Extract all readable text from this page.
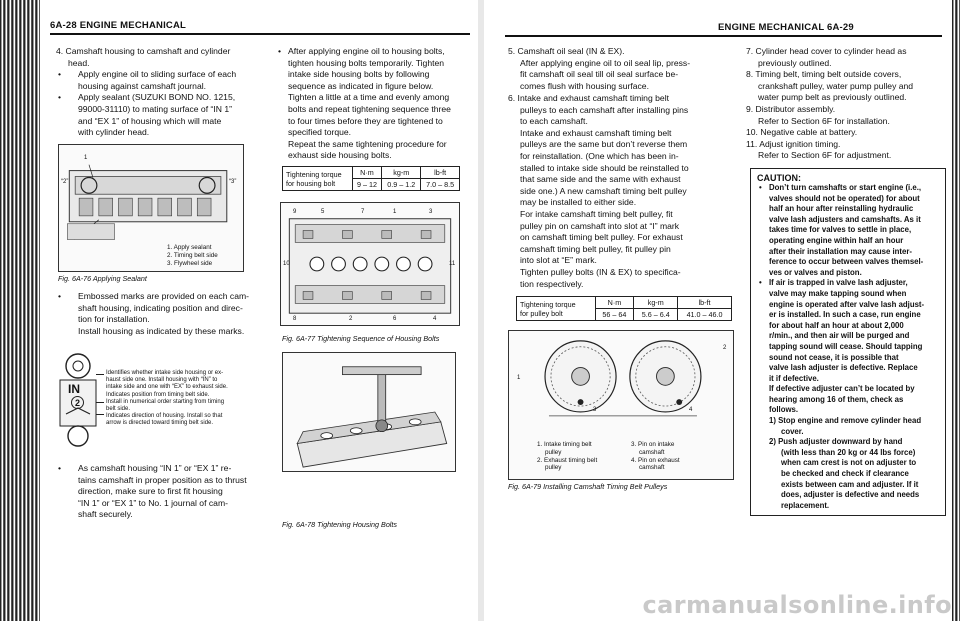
6A-28 ENGINE MECHANICAL	ENGINE MECHANICAL 6A-29

4. Camshaft housing to camshaft and cylinder

head.

• Apply engine oil to sliding surface of each

housing against camshaft journal.

• Apply sealant (SUZUKI BOND NO. 1215,

99000-31110) to mating surface of “IN 1”

and “EX 1” of housing which will mate

with cylinder head.

“2”	“3”
1

1. Apply sealant

2. Timing belt side

3. Flywheel side

Fig. 6A-76 Applying Sealant

• Embossed marks are provided on each cam-

shaft housing, indicating position and direc-

tion for installation.

Install housing as indicated by these marks.

IN
2

Identifies whether intake side housing or ex-

haust side one. Install housing with “IN” to

intake side and one with “EX” to exhaust side.

Indicates position from timing belt side.

Install in numerical order starting from timing

belt side.

Indicates direction of housing. Install so that

arrow is directed toward timing belt side.

• As camshaft housing “IN 1” or “EX 1” re-

tains camshaft in proper position as to thrust

direction, make sure to first fit housing

“IN 1” or “EX 1” to No. 1 journal of cam-

shaft securely.

• After applying engine oil to housing bolts,

tighten housing bolts temporarily. Tighten

intake side housing bolts by following

sequence as indicated in figure below.

Tighten a little at a time and evenly among

bolts and repeat tightening sequence three

to four times before they are tightened to

specified torque.

Repeat the same tightening procedure for

exhaust side housing bolts.

Tightening torque
for housing bolt	N·m	kg-m	lb-ft
	9 – 12	0.9 – 1.2	7.0 – 8.5
9	5	7	1	3
10	11
8	2	6	4
Fig. 6A-77 Tightening Sequence of Housing Bolts
Fig. 6A-78 Tightening Housing Bolts

5. Camshaft oil seal (IN & EX).

After applying engine oil to oil seal lip, press-

fit camshaft oil seal till oil seal surface be-

comes flush with housing surface.

6. Intake and exhaust camshaft timing belt

pulleys to each camshaft after installing pins

to each camshaft.

Intake and exhaust camshaft timing belt

pulleys are the same but don’t reverse them

for reinstallation. (One which has been in-

stalled to intake side should be reinstalled to

that same side and the same with exhaust

side one.) A new camshaft timing belt pulley

may be installed to either side.

For intake camshaft timing belt pulley, fit

pulley pin on camshaft into slot at “I” mark

on camshaft timing belt pulley. For exhaust

camshaft timing belt pulley, fit pulley pin

into slot at “E” mark.

Tighten pulley bolts (IN & EX) to specifica-

tion respectively.

Tightening torque
for pulley bolt	N·m	kg-m	lb-ft
	56 – 64	5.6 – 6.4	41.0 – 46.0
1
2
3	4

1. Intake timing belt

pulley

2. Exhaust timing belt

pulley

3. Pin on intake

camshaft

4. Pin on exhaust

camshaft

Fig. 6A-79 Installing Camshaft Timing Belt Pulleys

7. Cylinder head cover to cylinder head as

previously outlined.

8. Timing belt, timing belt outside covers,

crankshaft pulley, water pump pulley and

water pump belt as previously outlined.

9. Distributor assembly.

Refer to Section 6F for installation.

10. Negative cable at battery.

11. Adjust ignition timing.

Refer to Section 6F for adjustment.

CAUTION:

• Don’t turn camshafts or start engine (i.e.,

valves should not be operated) for about

half an hour after reinstalling hydraulic

valve lash adjusters and camshafts. As it

takes time for valves to settle in place,

operating engine within half an hour

after their installation may cause inter-

ference to occur between valves themsel-

ves or valves and piston.

• If air is trapped in valve lash adjuster,

valve may make tapping sound when

engine is operated after valve lash adjust-

er is installed. In such a case, run engine

for about half an hour at about 2,000

r/min., and then air will be purged and

tapping sound will cease. Should tapping

sound not cease, it is possible that

valve lash adjuster is defective. Replace

it if defective.

If defective adjuster can’t be located by

hearing among 16 of them, check as

follows.

1) Stop engine and remove cylinder head

cover.

2) Push adjuster downward by hand

(with less than 20 kg or 44 lbs force)

when cam crest is not on adjuster to

be checked and check if clearance

exists between cam and adjuster. If it

does, adjuster is defective and needs

replacement.

carmanualsonline.info
